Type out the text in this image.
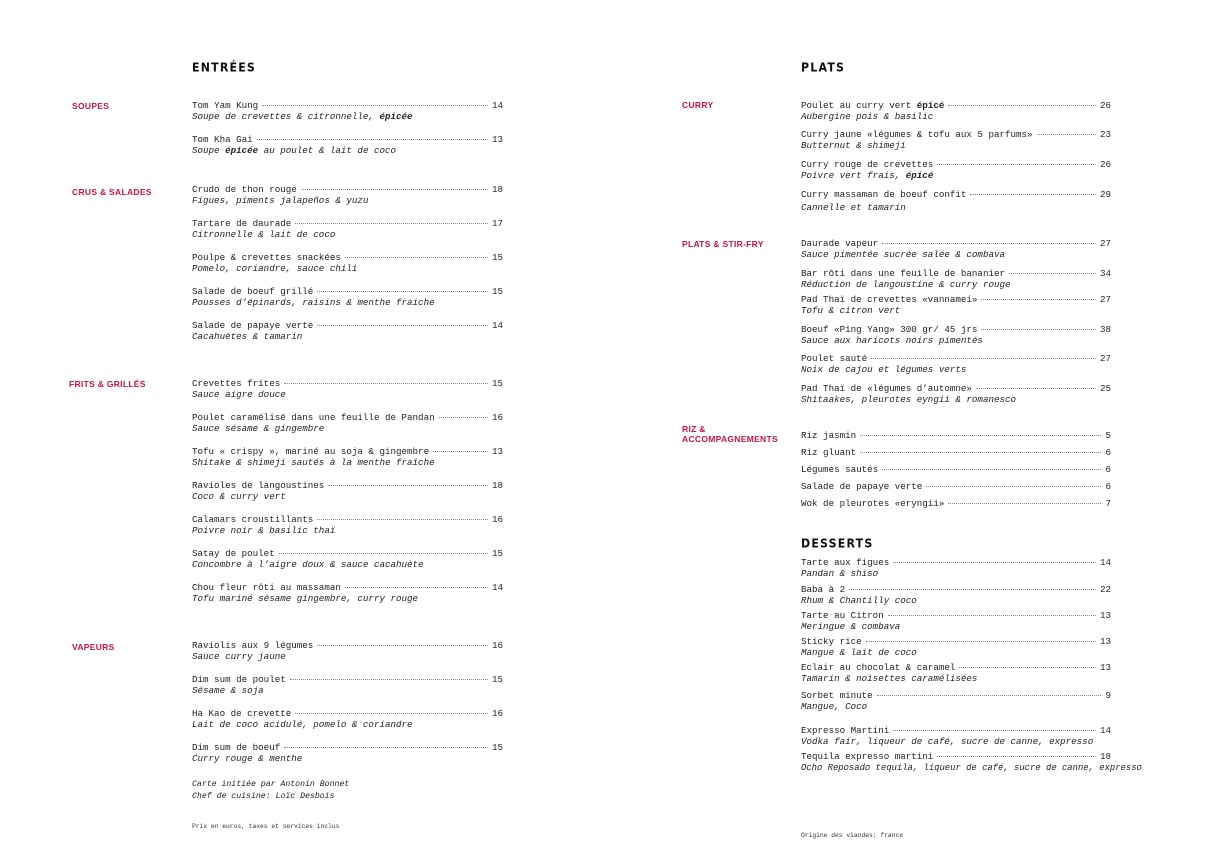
ENTRÉES
SOUPES	Tom Yam Kung	14
Soupe de crevettes & citronnelle, épicée
Tom Kha Gai	13
Soupe épicée au poulet & lait de coco
CRUS & SALADES	Crudo de thon rouge	18
Figues, piments jalapeños & yuzu
Tartare de daurade	17
Citronnelle & lait de coco
Poulpe & crevettes snackées	15
Pomelo, coriandre, sauce chili
Salade de boeuf grillé	15
Pousses d’épinards, raisins & menthe fraiche
Salade de papaye verte	14
Cacahuètes & tamarin
FRITS & GRILLÉS	Crevettes frites	15
Sauce aigre douce
Poulet caramélisé dans une feuille de Pandan	16
Sauce sésame & gingembre
Tofu « crispy », mariné au soja & gingembre	13
Shitake & shimeji sautés à la menthe fraîche
Ravioles de langoustines	18
Coco & curry vert
Calamars croustillants	16
Poivre noir & basilic thaï
Satay de poulet	15
Concombre à l’aigre doux & sauce cacahuète
Chou fleur rôti au massaman	14
Tofu mariné sésame gingembre, curry rouge
VAPEURS	Raviolis aux 9 légumes	16
Sauce curry jaune
Dim sum de poulet	15
Sésame & soja
Ha Kao de crevette	16
Lait de coco acidulé, pomelo & coriandre
Dim sum de boeuf	15
Curry rouge & menthe
Carte initiée par Antonin Bonnet
Chef de cuisine: Loïc Desbois
Prix en euros, taxes et services inclus
PLATS
CURRY	Poulet au curry vert épicé	26
Aubergine pois & basilic
Curry jaune «légumes & tofu aux 5 parfums»	23
Butternut & shimeji
Curry rouge de crevettes	26
Poivre vert frais, épicé
Curry massaman de boeuf confit	29
Cannelle et tamarin
PLATS & STIR-FRY	Daurade vapeur	27
Sauce pimentée sucrée salée & combava
Bar rôti dans une feuille de bananier	34
Réduction de langoustine & curry rouge
Pad Thaï de crevettes «vannamei»	27
Tofu & citron vert
Boeuf «Ping Yang» 300 gr/ 45 jrs	38
Sauce aux haricots noirs pimentés
Poulet sauté	27
Noix de cajou et légumes verts
Pad Thaï de «légumes d’automne»	25
Shitaakes, pleurotes eyngii & romanesco
RIZ & ACCOMPAGNEMENTS	Riz jasmin	5
Riz gluant	6
Légumes sautés	6
Salade de papaye verte	6
Wok de pleurotes «eryngii»	7
DESSERTS
Tarte aux figues	14
Pandan & shiso
Baba à 2	22
Rhum & Chantilly coco
Tarte au Citron	13
Meringue & combava
Sticky rice	13
Mangue & lait de coco
Eclair au chocolat & caramel	13
Tamarin & noisettes caramélisées
Sorbet minute	9
Mangue, Coco
Expresso Martini	14
Vodka fair, liqueur de café, sucre de canne, expresso
Tequila expresso martini	18
Ocho Reposado tequila, liqueur de café, sucre de canne, expresso
Origine des viandes: france
